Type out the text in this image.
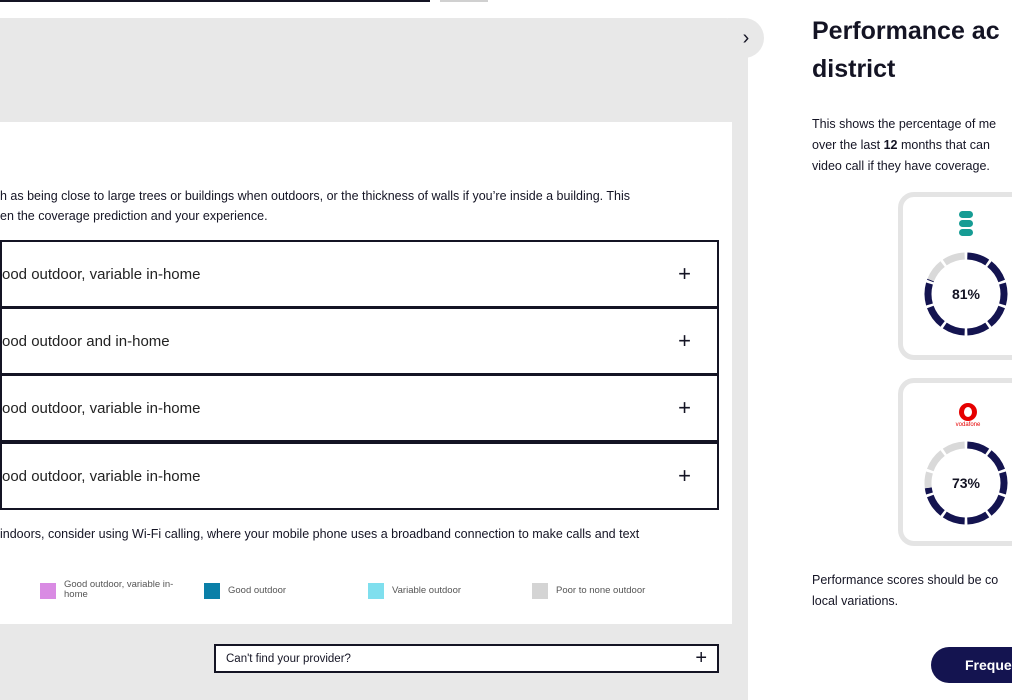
›
h as being close to large trees or buildings when outdoors, or the thickness of walls if you’re inside a building. This
en the coverage prediction and your experience.
ood outdoor, variable in-home	+
ood outdoor and in-home	+
ood outdoor, variable in-home	+
ood outdoor, variable in-home	+
indoors, consider using Wi-Fi calling, where your mobile phone uses a broadband connection to make calls and text
Good outdoor, variable in-
home	Good outdoor	Variable outdoor	Poor to none outdoor
Can't find your provider?	+
Performance ac
district
This shows the percentage of me
over the last 12 months that can
video call if they have coverage.
81%
vodafone
73%
Performance scores should be co
local variations.
Freque
